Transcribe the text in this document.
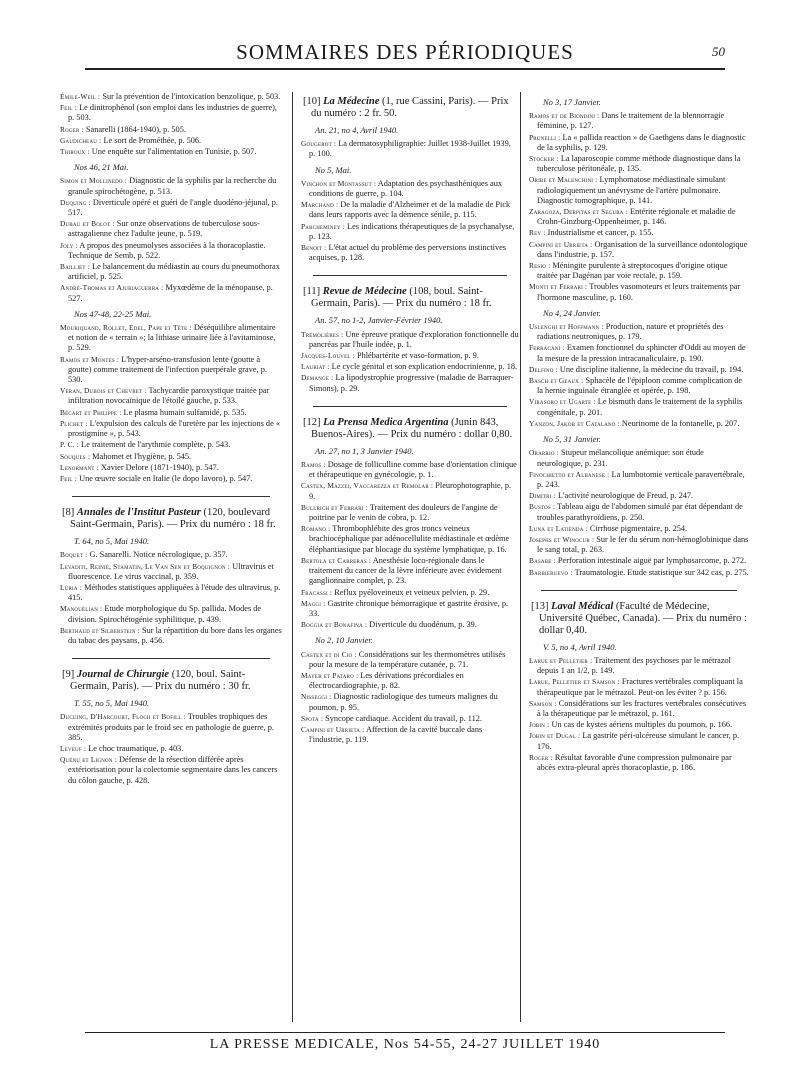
SOMMAIRES DES PÉRIODIQUES	50
Émile-Weil : Sur la prévention de l'intoxication benzolique, p. 503.
Feil : Le dinitrophénol (son emploi dans les industries de guerre), p. 503.
Roger : Sanarelli (1864-1940), p. 505.
Gaudicheau : Le sort de Prométhée, p. 506.
Thiroux : Une enquête sur l'alimentation en Tunisie, p. 507.
Nos 46, 21 Mai.
Simon et Mollinedo : Diagnostic de la syphilis par la recherche du granule spirochétogène, p. 513.
Duquing : Diverticule opéré et guéri de l'angle duodéno-jéjunal, p. 517.
Dubau et Bolot : Sur onze observations de tuberculose sous-astragalienne chez l'adulte jeune, p. 519.
Joly : A propos des pneumolyses associées à la thoracoplastie. Technique de Semb, p. 522.
Bailliet : Le balancement du médiastin au cours du pneumothorax artificiel, p. 525.
André-Thomas et Ajuriaguerra : Myxœdème de la ménopause, p. 527.
Nos 47-48, 22-25 Mai.
Mouriquand, Rollet, Edel, Pape et Tête : Déséquilibre alimentaire et notion de « terrain »; la lithiase urinaire liée à l'avitaminose, p. 529.
Ramos et Montes : L'hyper-arséno-transfusion lente (goutte à goutte) comme traitement de l'infection puerpérale grave, p. 530.
Véran, Dubois et Chevret : Tachycardie paroxystique traitée par infiltration novocaïnique de l'étoilé gauche, p. 533.
Bécart et Philippe : Le plasma humain sulfamidé, p. 535.
Plichet : L'expulsion des calculs de l'uretère par les injections de « prostigmine », p. 543.
P. C. : Le traitement de l'arythmie complète, p. 543.
Souques : Mahomet et l'hygiène, p. 545.
Lenormant : Xavier Delore (1871-1940), p. 547.
Feil : Une œuvre sociale en Italie (le dopo lavoro), p. 547.
[8] Annales de l'Institut Pasteur (120, boulevard Saint-Germain, Paris). — Prix du numéro : 18 fr.
T. 64, no 5, Mai 1940.
Boquet : G. Sanarelli. Notice nécrologique, p. 357.
Levaditi, Reinié, Stamatin, Le Van Sen et Boquignon : Ultravirus et fluorescence. Le virus vaccinal, p. 359.
Luria : Méthodes statistiques appliquées à l'étude des ultravirus, p. 415.
Manouélian : Etude morphologique du Sp. pallida. Modes de division. Spirochétogénie syphilitique, p. 439.
Berthaud et Silberstein : Sur la répartition du bore dans les organes du tabac des paysans, p. 456.
[9] Journal de Chirurgie (120, boul. Saint-Germain, Paris). — Prix du numéro : 30 fr.
T. 55, no 5, Mai 1940.
Ducuing, D'Harcourt, Floch et Bofill : Troubles trophiques des extrémités produits par le froid sec en pathologie de guerre, p. 385.
Leveuf : Le choc traumatique, p. 403.
Quénu et Lignon : Défense de la résection différée après extériorisation pour la colectomie segmentaire dans les cancers du côlon gauche, p. 428.
[10] La Médecine (1, rue Cassini, Paris). — Prix du numéro : 2 fr. 50.
An. 21, no 4, Avril 1940.
Gougerot : La dermatosyphiligraphie: Juillet 1938-Juillet 1939, p. 100.
No 5, Mai.
Vinchon et Montassut : Adaptation des psychasthéniques aux conditions de guerre, p. 104.
Marchand : De la maladie d'Alzheimer et de la maladie de Pick dans leurs rapports avec la démence sénile, p. 115.
Parcheminey : Les indications thérapeutiques de la psychanalyse, p. 123.
Benoit : L'état actuel du problème des perversions instinctives acquises, p. 128.
[11] Revue de Médecine (108, boul. Saint-Germain, Paris). — Prix du numéro : 18 fr.
An. 57, no 1-2, Janvier-Février 1940.
Trémolières : Une épreuve pratique d'exploration fonctionnelle du pancréas par l'huile iodée, p. 1.
Jacques-Louvel : Phlébartérite et vaso-formation, p. 9.
Lauriat : Le cycle génital et son explication endocrinienne, p. 18.
Demange : La lipodystrophie progressive (maladie de Barraquer-Simons), p. 29.
[12] La Prensa Medica Argentina (Junin 843, Buenos-Aires). — Prix du numéro : dollar 0,80.
An. 27, no 1, 3 Janvier 1940.
Ramos : Dosage de folliculline comme base d'orientation clinique et thérapeutique en gynécologie, p. 1.
Castex, Mazzei, Vaccarezza et Remolar : Pleurophotographie, p. 9.
Bullrich et Ferrari : Traitement des douleurs de l'angine de poitrine par le venin de cobra, p. 12.
Romano : Thrombophlébite des gros troncs veineux brachiocéphalique par adénocellulite médiastinale et œdème éléphantiasique par blocage du système lymphatique, p. 16.
Bertola et Carreras : Anesthésie loco-régionale dans le traitement du cancer de la lèvre inférieure avec évidement ganglionnaire complet, p. 23.
Fracassi : Reflux pyéloveineux et veineux pelvien, p. 29.
Maggi : Gastrite chronique hémorragique et gastrite érosive, p. 33.
Boggia et Bonafina : Diverticule du duodénum, p. 39.
No 2, 10 Janvier.
Castex et di Cio : Considérations sur les thermomètres utilisés pour la mesure de la température cutanée, p. 71.
Mayer et Pataro : Les dérivations précordiales en électrocardiographie, p. 82.
Nisseggi : Diagnostic radiologique des tumeurs malignes du poumon, p. 95.
Spota : Syncope cardiaque. Accident du travail, p. 112.
Campini et Urrieta : Affection de la cavité buccale dans l'industrie, p. 119.
No 3, 17 Janvier.
Ramos et de Biondini : Dans le traitement de la blennorragie féminine, p. 127.
Prunelli : La « pallida reaction » de Gaethgens dans le diagnostic de la syphilis, p. 129.
Stocker : La laparoscopie comme méthode diagnostique dans la tuberculose péritonéale, p. 135.
Oribe et Malenchini : Lymphomatose médiastinale simulant radiologiquement un anévrysme de l'artère pulmonaire. Diagnostic tomographique, p. 141.
Zaragoza, Derpitas et Segura : Entérite régionale et maladie de Crohn-Ginzburg-Oppenheimer, p. 146.
Rey : Industrialisme et cancer, p. 155.
Campini et Urrieta : Organisation de la surveillance odontologique dans l'industrie, p. 157.
Resio : Méningite purulente à streptocoques d'origine otique traitée par Dagénan par voie rectale, p. 159.
Monti et Ferrari : Troubles vasomoteurs et leurs traitements par l'hormone masculine, p. 160.
No 4, 24 Janvier.
Uslenghi et Hoffmann : Production, nature et propriétés des radiations neutroniques, p. 179.
Ferracani : Examen fonctionnel du sphincter d'Oddi au moyen de la mesure de la pression intracanaliculaire, p. 190.
Delfino : Une discipline italienne, la médecine du travail, p. 194.
Basch et Geaux : Sphacèle de l'épiploon comme complication de la hernie inguinale étranglée et opérée, p. 198.
Virasoro et Ugarte : Le bismuth dans le traitement de la syphilis congénitale, p. 201.
Yanzon, Jakob et Catalano : Neurinome de la fontanelle, p. 207.
No 5, 31 Janvier.
Orarrio : Stupeur mélancolique anémique: son étude neurologique, p. 231.
Finochietto et Albanese : La lumbotomie verticale paravertébrale, p. 243.
Dimitri : L'activité neurologique de Freud, p. 247.
Bustos : Tableau aigu de l'abdomen simulé par état dépendant de troubles parathyroïdiens, p. 250.
Luna et Latienda : Cirrhose pigmentaire, p. 254.
Josephs et Winocur : Sur le fer du sérum non-hémoglobinique dans le sang total, p. 263.
Basabe : Perforation intestinale aiguë par lymphosarcome, p. 272.
Barbieruevo : Traumatologie. Etude statistique sur 342 cas, p. 275.
[13] Laval Médical (Faculté de Médecine, Université Québec, Canada). — Prix du numéro : dollar 0,40.
V. 5, no 4, Avril 1940.
Larue et Pelletier : Traitement des psychoses par le métrazol depuis 1 an 1/2, p. 149.
Larue, Pelletier et Samson : Fractures vertébrales compliquant la thérapeutique par le métrazol. Peut-on les éviter ? p. 156.
Samson : Considérations sur les fractures vertébrales consécutives à la thérapeutique par le métrazol, p. 161.
Jobin : Un cas de kystes aériens multiples du poumon, p. 166.
Jobin et Dugal : La gastrite péri-ulcéreuse simulant le cancer, p. 176.
Roger : Résultat favorable d'une compression pulmonaire par abcès extra-pleural après thoracoplastie, p. 186.
LA PRESSE MEDICALE, Nos 54-55, 24-27 JUILLET 1940
